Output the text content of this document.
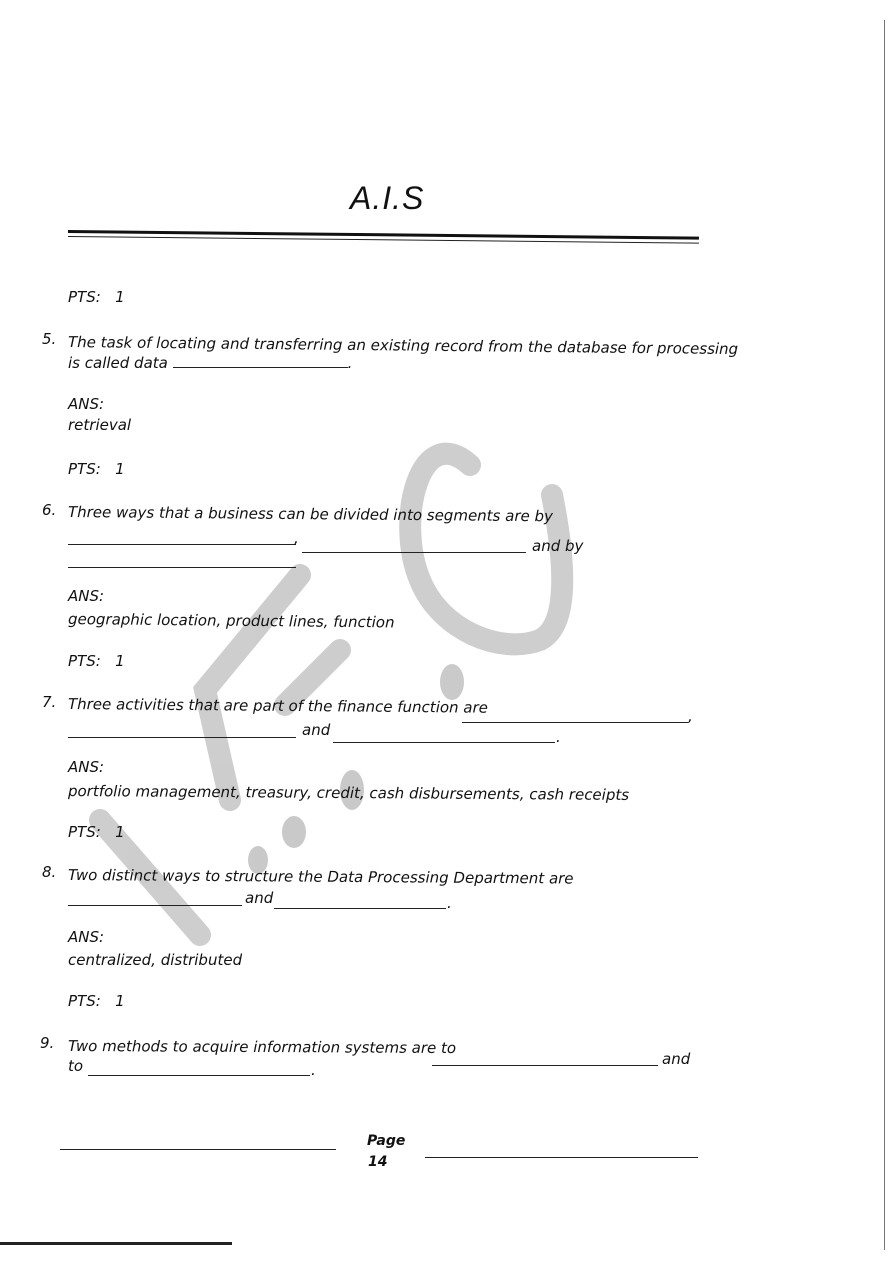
A.I.S
PTS: 1
5. The task of locating and transferring an existing record from the database for processing
is called data	.
ANS:
retrieval
PTS: 1
6. Three ways that a business can be divided into segments are by
,	and by
ANS:
geographic location, product lines, function
PTS: 1
7. Three activities that are part of the finance function are	,
and	.
ANS:
portfolio management, treasury, credit, cash disbursements, cash receipts
PTS: 1
8. Two distinct ways to structure the Data Processing Department are
and	.
ANS:
centralized, distributed
PTS: 1
9. Two methods to acquire information systems are to
and
to	.
Page
14
